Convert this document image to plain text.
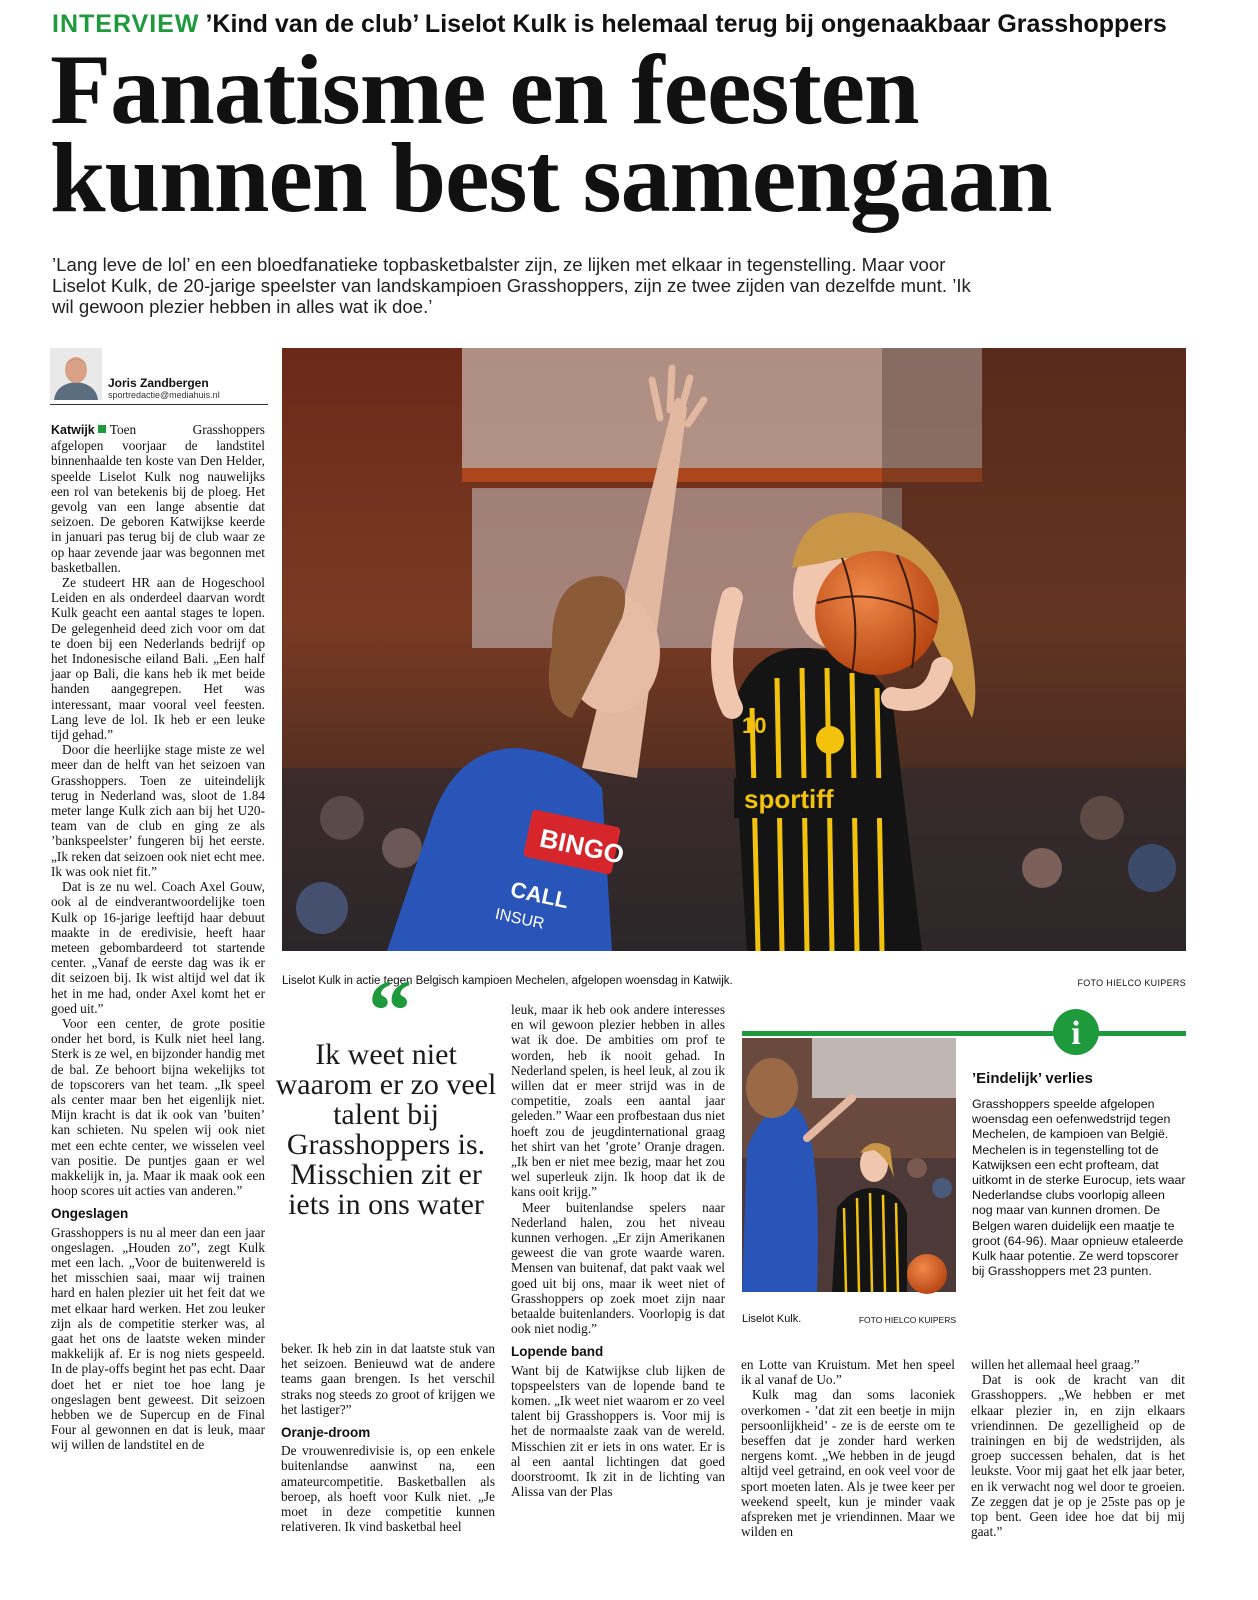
INTERVIEW ’Kind van de club’ Liselot Kulk is helemaal terug bij ongenaakbaar Grasshoppers
Fanatisme en feesten
kunnen best samengaan
’Lang leve de lol’ en een bloedfanatieke topbasketbalster zijn, ze lijken met elkaar in tegenstelling. Maar voor Liselot Kulk, de 20-jarige speelster van landskampioen Grasshoppers, zijn ze twee zijden van dezelfde munt. ’Ik wil gewoon plezier hebben in alles wat ik doe.’
Joris Zandbergen
sportredactie@mediahuis.nl

Katwijk Toen Grasshoppers afgelopen voorjaar de landstitel binnenhaalde ten koste van Den Helder, speelde Liselot Kulk nog nauwelijks een rol van betekenis bij de ploeg. Het gevolg van een lange absentie dat seizoen. De geboren Katwijkse keerde in januari pas terug bij de club waar ze op haar zevende jaar was begonnen met basketballen.

Ze studeert HR aan de Hogeschool Leiden en als onderdeel daarvan wordt Kulk geacht een aantal stages te lopen. De gelegenheid deed zich voor om dat te doen bij een Nederlands bedrijf op het Indonesische eiland Bali. „Een half jaar op Bali, die kans heb ik met beide handen aangegrepen. Het was interessant, maar vooral veel feesten. Lang leve de lol. Ik heb er een leuke tijd gehad.”

Door die heerlijke stage miste ze wel meer dan de helft van het seizoen van Grasshoppers. Toen ze uiteindelijk terug in Nederland was, sloot de 1.84 meter lange Kulk zich aan bij het U20-team van de club en ging ze als ’bankspeelster’ fungeren bij het eerste. „Ik reken dat seizoen ook niet echt mee. Ik was ook niet fit.”

Dat is ze nu wel. Coach Axel Gouw, ook al de eindverantwoordelijke toen Kulk op 16-jarige leeftijd haar debuut maakte in de eredivisie, heeft haar meteen gebombardeerd tot startende center. „Vanaf de eerste dag was ik er dit seizoen bij. Ik wist altijd wel dat ik het in me had, onder Axel komt het er goed uit.”

Voor een center, de grote positie onder het bord, is Kulk niet heel lang. Sterk is ze wel, en bijzonder handig met de bal. Ze behoort bijna wekelijks tot de topscorers van het team. „Ik speel als center maar ben het eigenlijk niet. Mijn kracht is dat ik ook van ’buiten’ kan schieten. Nu spelen wij ook niet met een echte center, we wisselen veel van positie. De puntjes gaan er wel makkelijk in, ja. Maar ik maak ook een hoop scores uit acties van anderen.”

Ongeslagen

Grasshoppers is nu al meer dan een jaar ongeslagen. „Houden zo”, zegt Kulk met een lach. „Voor de buitenwereld is het misschien saai, maar wij trainen hard en halen plezier uit het feit dat we met elkaar hard werken. Het zou leuker zijn als de competitie sterker was, al gaat het ons de laatste weken minder makkelijk af. Er is nog niets gespeeld. In de play-offs begint het pas echt. Daar doet het er niet toe hoe lang je ongeslagen bent geweest. Dit seizoen hebben we de Supercup en de Final Four al gewonnen en dat is leuk, maar wij willen de landstitel en de

BINGO
CALL
INSUR
sportiff
10
Liselot Kulk in actie tegen Belgisch kampioen Mechelen, afgelopen woensdag in Katwijk.	FOTO HIELCO KUIPERS
“
Ik weet niet waarom er zo veel talent bij Grasshoppers is. Misschien zit er iets in ons water

beker. Ik heb zin in dat laatste stuk van het seizoen. Benieuwd wat de andere teams gaan brengen. Is het verschil straks nog steeds zo groot of krijgen we het lastiger?”

Oranje-droom

De vrouwenredivisie is, op een enkele buitenlandse aanwinst na, een amateurcompetitie. Basketballen als beroep, als hoeft voor Kulk niet. „Je moet in deze competitie kunnen relativeren. Ik vind basketbal heel

leuk, maar ik heb ook andere interesses en wil gewoon plezier hebben in alles wat ik doe. De ambities om prof te worden, heb ik nooit gehad. In Nederland spelen, is heel leuk, al zou ik willen dat er meer strijd was in de competitie, zoals een aantal jaar geleden.” Waar een profbestaan dus niet hoeft zou de jeugdinternational graag het shirt van het ’grote’ Oranje dragen. „Ik ben er niet mee bezig, maar het zou wel superleuk zijn. Ik hoop dat ik de kans ooit krijg.”

Meer buitenlandse spelers naar Nederland halen, zou het niveau kunnen verhogen. „Er zijn Amerikanen geweest die van grote waarde waren. Mensen van buitenaf, dat pakt vaak wel goed uit bij ons, maar ik weet niet of Grasshoppers op zoek moet zijn naar betaalde buitenlanders. Voorlopig is dat ook niet nodig.”

Lopende band

Want bij de Katwijkse club lijken de topspeelsters van de lopende band te komen. „Ik weet niet waarom er zo veel talent bij Grasshoppers is. Voor mij is het de normaalste zaak van de wereld. Misschien zit er iets in ons water. Er is al een aantal lichtingen dat goed doorstroomt. Ik zit in de lichting van Alissa van der Plas

i
Liselot Kulk.	FOTO HIELCO KUIPERS
’Eindelijk’ verlies
Grasshoppers speelde afgelopen woensdag een oefenwedstrijd tegen Mechelen, de kampioen van België. Mechelen is in tegenstelling tot de Katwijksen een echt profteam, dat uitkomt in de sterke Eurocup, iets waar Nederlandse clubs voorlopig alleen nog maar van kunnen dromen. De Belgen waren duidelijk een maatje te groot (64-96). Maar opnieuw etaleerde Kulk haar potentie. Ze werd topscorer bij Grasshoppers met 23 punten.

en Lotte van Kruistum. Met hen speel ik al vanaf de Uo.”

Kulk mag dan soms laconiek overkomen - ’dat zit een beetje in mijn persoonlijkheid’ - ze is de eerste om te beseffen dat je zonder hard werken nergens komt. „We hebben in de jeugd altijd veel getraind, en ook veel voor de sport moeten laten. Als je twee keer per weekend speelt, kun je minder vaak afspreken met je vriendinnen. Maar we wilden en

willen het allemaal heel graag.”

Dat is ook de kracht van dit Grasshoppers. „We hebben er met elkaar plezier in, en zijn elkaars vriendinnen. De gezelligheid op de trainingen en bij de wedstrijden, als groep successen behalen, dat is het leukste. Voor mij gaat het elk jaar beter, en ik verwacht nog wel door te groeien. Ze zeggen dat je op je 25ste pas op je top bent. Geen idee hoe dat bij mij gaat.”
